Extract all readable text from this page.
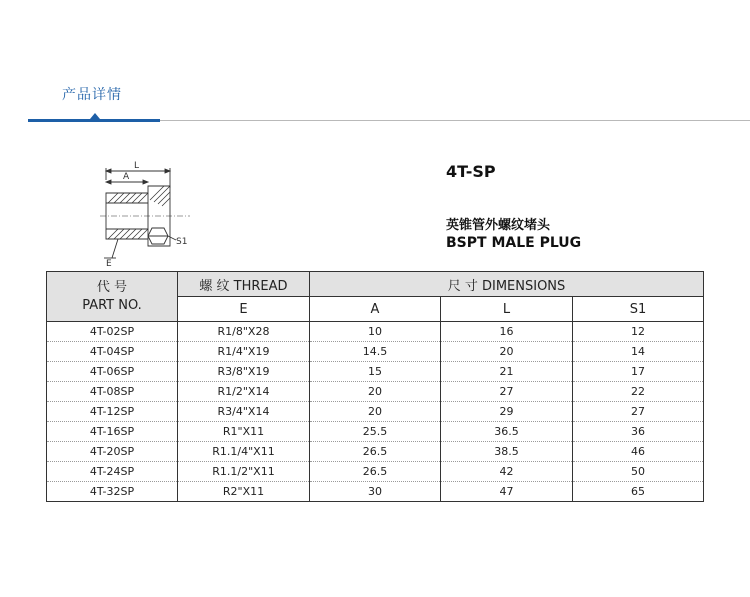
产品详情
L
A
E
S1
4T-SP
英锥管外螺纹堵头
BSPT MALE PLUG
代 号
PART NO.	螺 纹 THREAD	尺 寸 DIMENSIONS		
	E	A	L	S1
4T-02SP	R1/8"X28	10	16	12
4T-04SP	R1/4"X19	14.5	20	14
4T-06SP	R3/8"X19	15	21	17
4T-08SP	R1/2"X14	20	27	22
4T-12SP	R3/4"X14	20	29	27
4T-16SP	R1"X11	25.5	36.5	36
4T-20SP	R1.1/4"X11	26.5	38.5	46
4T-24SP	R1.1/2"X11	26.5	42	50
4T-32SP	R2"X11	30	47	65
